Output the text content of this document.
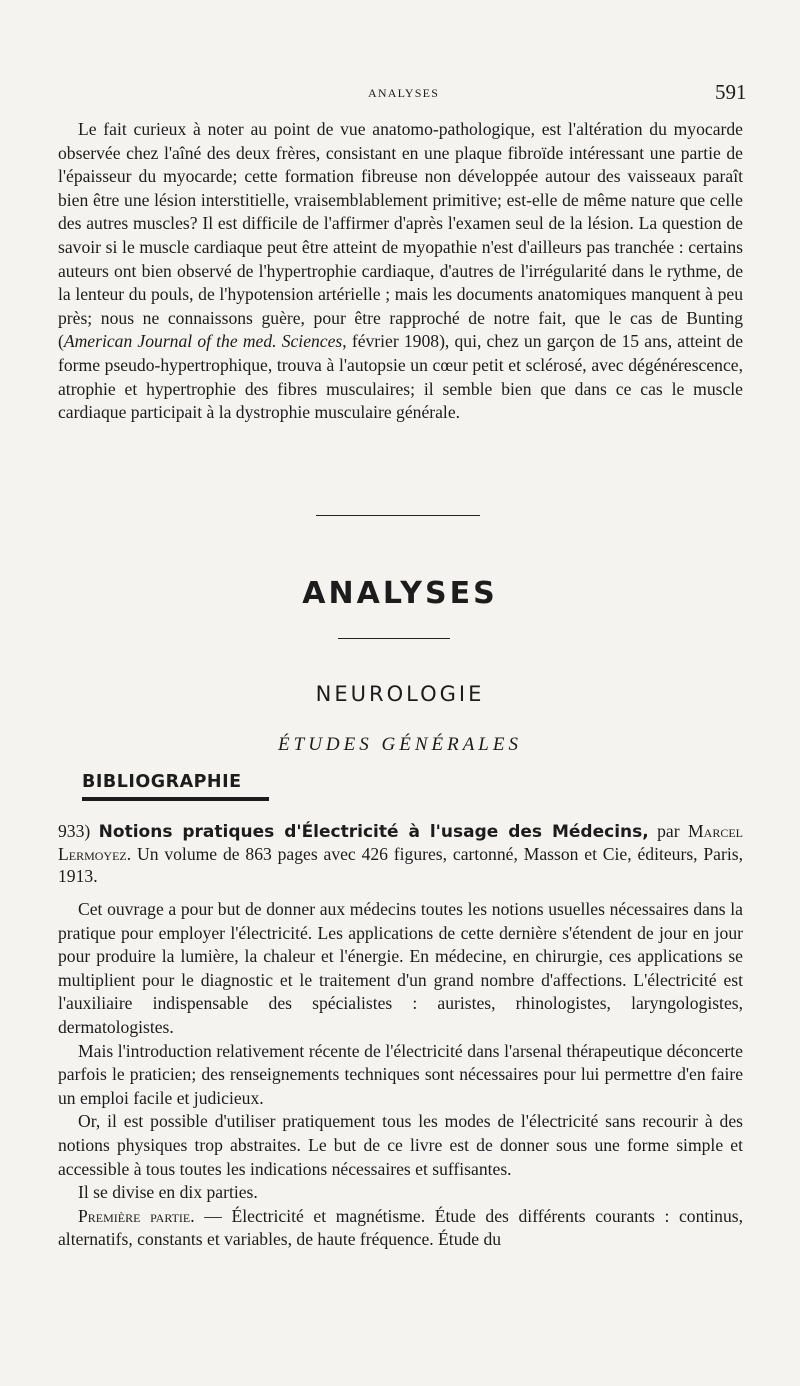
ANALYSES	591

Le fait curieux à noter au point de vue anatomo-pathologique, est l'altération du myocarde observée chez l'aîné des deux frères, consistant en une plaque fibroïde intéressant une partie de l'épaisseur du myocarde; cette formation fibreuse non développée autour des vaisseaux paraît bien être une lésion interstitielle, vraisemblablement primitive; est-elle de même nature que celle des autres muscles? Il est difficile de l'affirmer d'après l'examen seul de la lésion. La question de savoir si le muscle cardiaque peut être atteint de myopathie n'est d'ailleurs pas tranchée : certains auteurs ont bien observé de l'hypertrophie cardiaque, d'autres de l'irrégularité dans le rythme, de la lenteur du pouls, de l'hypotension artérielle ; mais les documents anatomiques manquent à peu près; nous ne connaissons guère, pour être rapproché de notre fait, que le cas de Bunting (American Journal of the med. Sciences, février 1908), qui, chez un garçon de 15 ans, atteint de forme pseudo-hypertrophique, trouva à l'autopsie un cœur petit et sclérosé, avec dégénérescence, atrophie et hypertrophie des fibres musculaires; il semble bien que dans ce cas le muscle cardiaque participait à la dystrophie musculaire générale.

ANALYSES
NEUROLOGIE
ÉTUDES GÉNÉRALES
BIBLIOGRAPHIE
933) Notions pratiques d'Électricité à l'usage des Médecins, par Marcel Lermoyez. Un volume de 863 pages avec 426 figures, cartonné, Masson et Cie, éditeurs, Paris, 1913.

Cet ouvrage a pour but de donner aux médecins toutes les notions usuelles nécessaires dans la pratique pour employer l'électricité. Les applications de cette dernière s'étendent de jour en jour pour produire la lumière, la chaleur et l'énergie. En médecine, en chirurgie, ces applications se multiplient pour le diagnostic et le traitement d'un grand nombre d'affections. L'électricité est l'auxiliaire indispensable des spécialistes : auristes, rhinologistes, laryngologistes, dermatologistes.

Mais l'introduction relativement récente de l'électricité dans l'arsenal thérapeutique déconcerte parfois le praticien; des renseignements techniques sont nécessaires pour lui permettre d'en faire un emploi facile et judicieux.

Or, il est possible d'utiliser pratiquement tous les modes de l'électricité sans recourir à des notions physiques trop abstraites. Le but de ce livre est de donner sous une forme simple et accessible à tous toutes les indications nécessaires et suffisantes.

Il se divise en dix parties.

Première partie. — Électricité et magnétisme. Étude des différents courants : continus, alternatifs, constants et variables, de haute fréquence. Étude du
